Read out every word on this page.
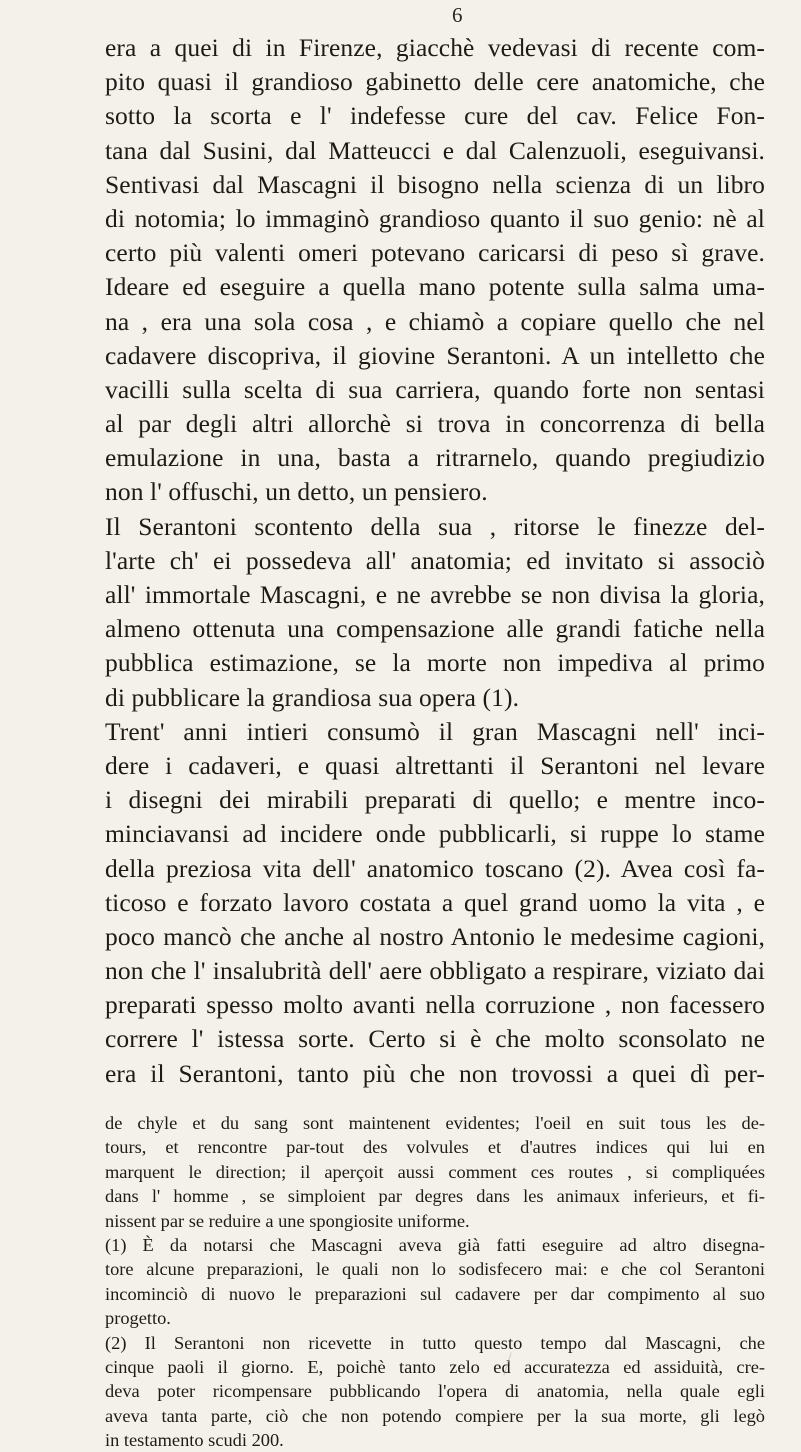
6
era a quei di in Firenze, giacchè vedevasi di recente com-
pito quasi il grandioso gabinetto delle cere anatomiche, che
sotto la scorta e l' indefesse cure del cav. Felice Fon-
tana dal Susini, dal Matteucci e dal Calenzuoli, eseguivansi.
Sentivasi dal Mascagni il bisogno nella scienza di un libro
di notomia; lo immaginò grandioso quanto il suo genio: nè al
certo più valenti omeri potevano caricarsi di peso sì grave.
Ideare ed eseguire a quella mano potente sulla salma uma-
na , era una sola cosa , e chiamò a copiare quello che nel
cadavere discopriva, il giovine Serantoni. A un intelletto che
vacilli sulla scelta di sua carriera, quando forte non sentasi
al par degli altri allorchè si trova in concorrenza di bella
emulazione in una, basta a ritrarnelo, quando pregiudizio
non l' offuschi, un detto, un pensiero.
Il Serantoni scontento della sua , ritorse le finezze del-
l'arte ch' ei possedeva all' anatomia; ed invitato si associò
all' immortale Mascagni, e ne avrebbe se non divisa la gloria,
almeno ottenuta una compensazione alle grandi fatiche nella
pubblica estimazione, se la morte non impediva al primo
di pubblicare la grandiosa sua opera (1).
Trent' anni intieri consumò il gran Mascagni nell' inci-
dere i cadaveri, e quasi altrettanti il Serantoni nel levare
i disegni dei mirabili preparati di quello; e mentre inco-
minciavansi ad incidere onde pubblicarli, si ruppe lo stame
della preziosa vita dell' anatomico toscano (2). Avea così fa-
ticoso e forzato lavoro costata a quel grand uomo la vita , e
poco mancò che anche al nostro Antonio le medesime cagioni,
non che l' insalubrità dell' aere obbligato a respirare, viziato dai
preparati spesso molto avanti nella corruzione , non facessero
correre l' istessa sorte. Certo si è che molto sconsolato ne
era il Serantoni, tanto più che non trovossi a quei dì per-
de chyle et du sang sont maintenent evidentes; l'oeil en suit tous les de-
tours, et rencontre par-tout des volvules et d'autres indices qui lui en
marquent le direction; il aperçoit aussi comment ces routes , si compliquées
dans l' homme , se simploient par degres dans les animaux inferieurs, et fi-
nissent par se reduire a une spongiosite uniforme.
(1) È da notarsi che Mascagni aveva già fatti eseguire ad altro disegna-
tore alcune preparazioni, le quali non lo sodisfecero mai: e che col Serantoni
incominciò di nuovo le preparazioni sul cadavere per dar compimento al suo
progetto.
(2) Il Serantoni non ricevette in tutto questo tempo dal Mascagni, che
cinque paoli il giorno. E, poichè tanto zelo ed accuratezza ed assiduità, cre-
deva poter ricompensare pubblicando l'opera di anatomia, nella quale egli
aveva tanta parte, ciò che non potendo compiere per la sua morte, gli legò
in testamento scudi 200.
